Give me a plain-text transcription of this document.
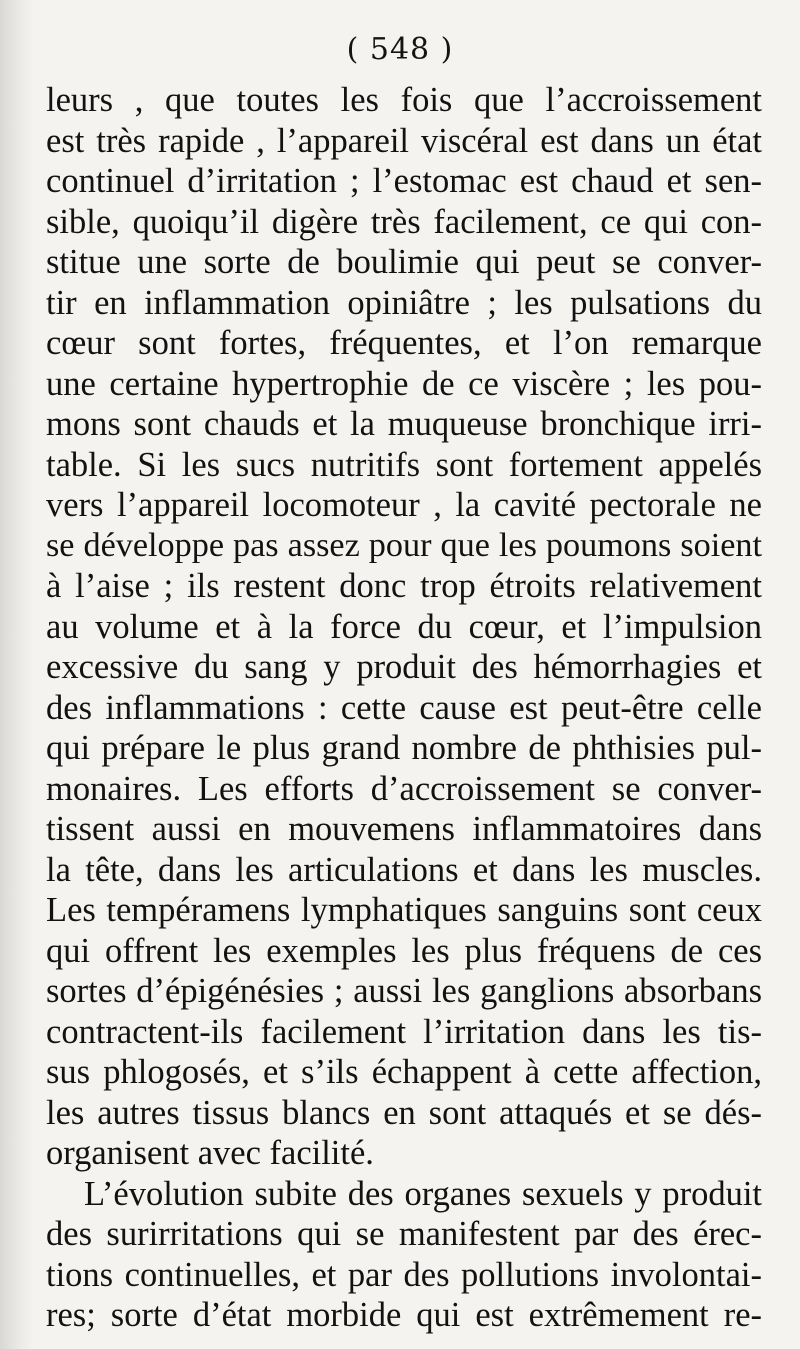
( 548 )
leurs , que toutes les fois que l’accroissement
est très rapide , l’appareil viscéral est dans un état
continuel d’irritation ; l’estomac est chaud et sen-
sible, quoiqu’il digère très facilement, ce qui con-
stitue une sorte de boulimie qui peut se conver-
tir en inflammation opiniâtre ; les pulsations du
cœur sont fortes, fréquentes, et l’on remarque
une certaine hypertrophie de ce viscère ; les pou-
mons sont chauds et la muqueuse bronchique irri-
table. Si les sucs nutritifs sont fortement appelés
vers l’appareil locomoteur , la cavité pectorale ne
se développe pas assez pour que les poumons soient
à l’aise ; ils restent donc trop étroits relativement
au volume et à la force du cœur, et l’impulsion
excessive du sang y produit des hémorrhagies et
des inflammations : cette cause est peut-être celle
qui prépare le plus grand nombre de phthisies pul-
monaires. Les efforts d’accroissement se conver-
tissent aussi en mouvemens inflammatoires dans
la tête, dans les articulations et dans les muscles.
Les tempéramens lymphatiques sanguins sont ceux
qui offrent les exemples les plus fréquens de ces
sortes d’épigénésies ; aussi les ganglions absorbans
contractent-ils facilement l’irritation dans les tis-
sus phlogosés, et s’ils échappent à cette affection,
les autres tissus blancs en sont attaqués et se dés-
organisent avec facilité.
L’évolution subite des organes sexuels y produit
des surirritations qui se manifestent par des érec-
tions continuelles, et par des pollutions involontai-
res; sorte d’état morbide qui est extrêmement re-
